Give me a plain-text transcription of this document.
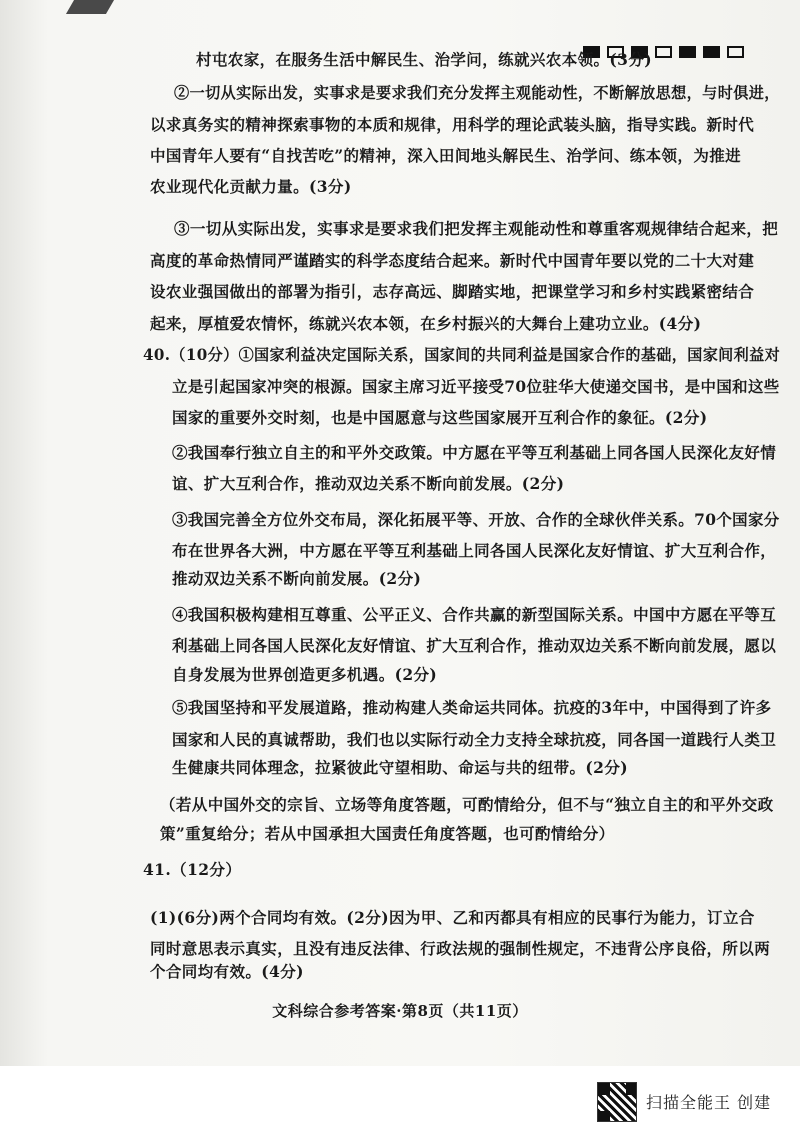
村屯农家，在服务生活中解民生、治学问，练就兴农本领。(3分)
②一切从实际出发，实事求是要求我们充分发挥主观能动性，不断解放思想，与时俱进，
以求真务实的精神探索事物的本质和规律，用科学的理论武装头脑，指导实践。新时代
中国青年人要有“自找苦吃”的精神，深入田间地头解民生、治学问、练本领，为推进
农业现代化贡献力量。(3分)
③一切从实际出发，实事求是要求我们把发挥主观能动性和尊重客观规律结合起来，把
高度的革命热情同严谨踏实的科学态度结合起来。新时代中国青年要以党的二十大对建
设农业强国做出的部署为指引，志存高远、脚踏实地，把课堂学习和乡村实践紧密结合
起来，厚植爱农情怀，练就兴农本领，在乡村振兴的大舞台上建功立业。(4分)
40.（10分）①国家利益决定国际关系，国家间的共同利益是国家合作的基础，国家间利益对
立是引起国家冲突的根源。国家主席习近平接受70位驻华大使递交国书，是中国和这些
国家的重要外交时刻，也是中国愿意与这些国家展开互利合作的象征。(2分)
②我国奉行独立自主的和平外交政策。中方愿在平等互利基础上同各国人民深化友好情
谊、扩大互利合作，推动双边关系不断向前发展。(2分)
③我国完善全方位外交布局，深化拓展平等、开放、合作的全球伙伴关系。70个国家分
布在世界各大洲，中方愿在平等互利基础上同各国人民深化友好情谊、扩大互利合作，
推动双边关系不断向前发展。(2分)
④我国积极构建相互尊重、公平正义、合作共赢的新型国际关系。中国中方愿在平等互
利基础上同各国人民深化友好情谊、扩大互利合作，推动双边关系不断向前发展，愿以
自身发展为世界创造更多机遇。(2分)
⑤我国坚持和平发展道路，推动构建人类命运共同体。抗疫的3年中，中国得到了许多
国家和人民的真诚帮助，我们也以实际行动全力支持全球抗疫，同各国一道践行人类卫
生健康共同体理念，拉紧彼此守望相助、命运与共的纽带。(2分)
（若从中国外交的宗旨、立场等角度答题，可酌情给分，但不与“独立自主的和平外交政
策”重复给分；若从中国承担大国责任角度答题，也可酌情给分）
41.（12分）
(1)(6分)两个合同均有效。(2分)因为甲、乙和丙都具有相应的民事行为能力，订立合
同时意思表示真实，且没有违反法律、行政法规的强制性规定，不违背公序良俗，所以两
个合同均有效。(4分)
文科综合参考答案·第8页（共11页）
扫描全能王 创建
